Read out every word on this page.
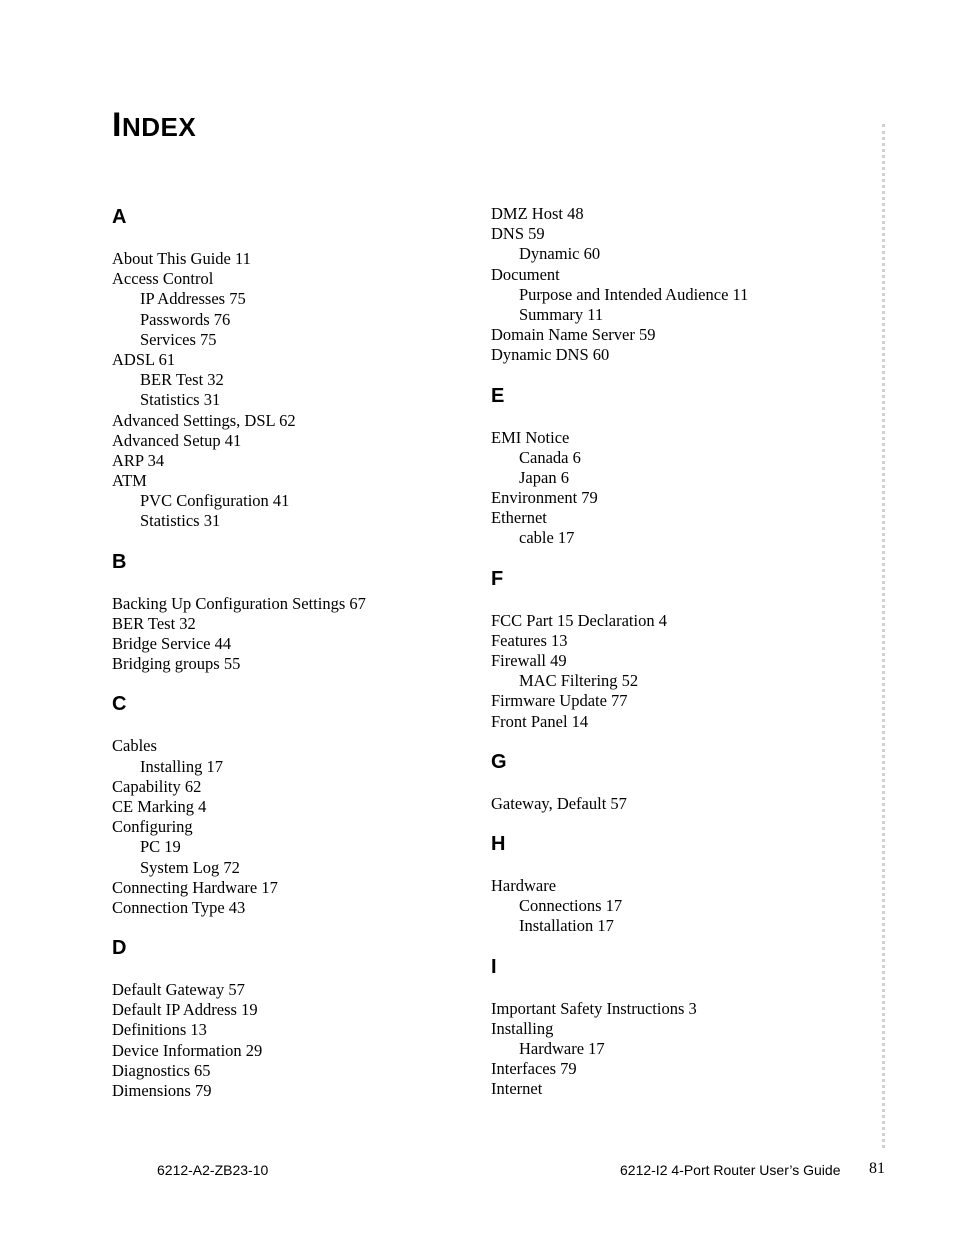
INDEX
A
About This Guide 11
Access Control
IP Addresses 75
Passwords 76
Services 75
ADSL 61
BER Test 32
Statistics 31
Advanced Settings, DSL 62
Advanced Setup 41
ARP 34
ATM
PVC Configuration 41
Statistics 31
B
Backing Up Configuration Settings 67
BER Test 32
Bridge Service 44
Bridging groups 55
C
Cables
Installing 17
Capability 62
CE Marking 4
Configuring
PC 19
System Log 72
Connecting Hardware 17
Connection Type 43
D
Default Gateway 57
Default IP Address 19
Definitions 13
Device Information 29
Diagnostics 65
Dimensions 79
DMZ Host 48
DNS 59
Dynamic 60
Document
Purpose and Intended Audience 11
Summary 11
Domain Name Server 59
Dynamic DNS 60
E
EMI Notice
Canada 6
Japan 6
Environment 79
Ethernet
cable 17
F
FCC Part 15 Declaration 4
Features 13
Firewall 49
MAC Filtering 52
Firmware Update 77
Front Panel 14
G
Gateway, Default 57
H
Hardware
Connections 17
Installation 17
I
Important Safety Instructions 3
Installing
Hardware 17
Interfaces 79
Internet
6212-A2-ZB23-10	6212-I2 4-Port Router User’s Guide 81
